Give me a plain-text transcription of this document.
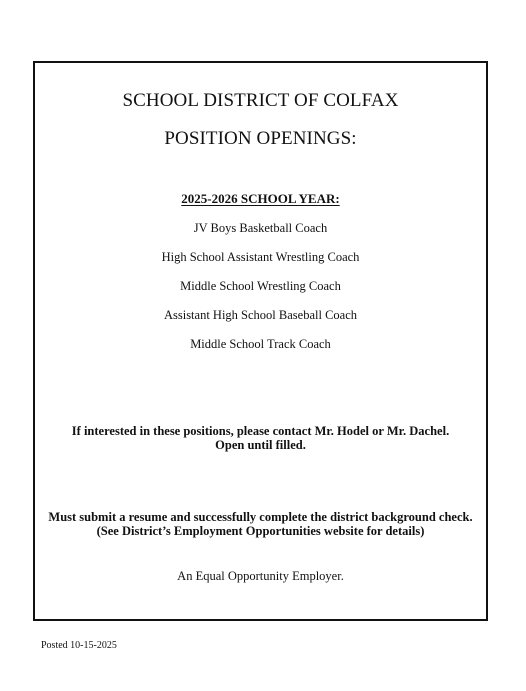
SCHOOL DISTRICT OF COLFAX
POSITION OPENINGS:
2025-2026 SCHOOL YEAR:
JV Boys Basketball Coach
High School Assistant Wrestling Coach
Middle School Wrestling Coach
Assistant High School Baseball Coach
Middle School Track Coach
If interested in these positions, please contact Mr. Hodel or Mr. Dachel.
Open until filled.
Must submit a resume and successfully complete the district background check.
(See District’s Employment Opportunities website for details)
An Equal Opportunity Employer.
Posted 10-15-2025
